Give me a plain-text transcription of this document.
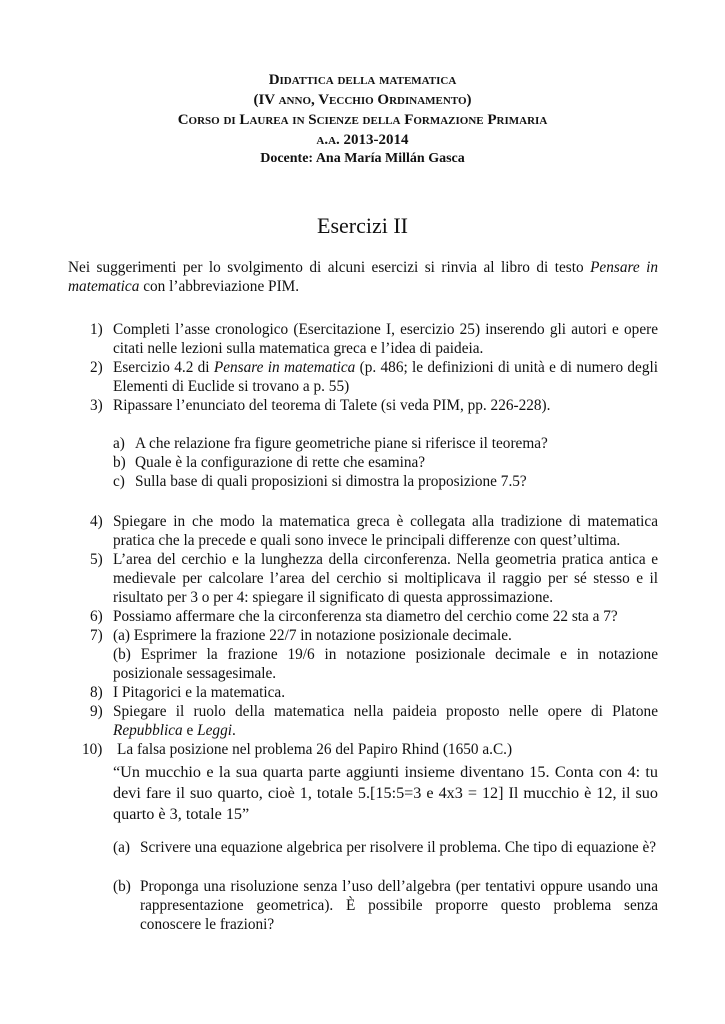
Didattica della matematica
(IV anno, Vecchio Ordinamento)
Corso di Laurea in Scienze della Formazione Primaria
a.a. 2013-2014
Docente: Ana María Millán Gasca
Esercizi II
Nei suggerimenti per lo svolgimento di alcuni esercizi si rinvia al libro di testo Pensare in matematica con l’abbreviazione PIM.
1) Completi l’asse cronologico (Esercitazione I, esercizio 25) inserendo gli autori e opere citati nelle lezioni sulla matematica greca e l’idea di paideia.
2) Esercizio 4.2 di Pensare in matematica (p. 486; le definizioni di unità e di numero degli Elementi di Euclide si trovano a p. 55)
3) Ripassare l’enunciato del teorema di Talete (si veda PIM, pp. 226-228).
a) A che relazione fra figure geometriche piane si riferisce il teorema?
b) Quale è la configurazione di rette che esamina?
c) Sulla base di quali proposizioni si dimostra la proposizione 7.5?
4) Spiegare in che modo la matematica greca è collegata alla tradizione di matematica pratica che la precede e quali sono invece le principali differenze con quest’ultima.
5) L’area del cerchio e la lunghezza della circonferenza. Nella geometria pratica antica e medievale per calcolare l’area del cerchio si moltiplicava il raggio per sé stesso e il risultato per 3 o per 4: spiegare il significato di questa approssimazione.
6) Possiamo affermare che la circonferenza sta diametro del cerchio come 22 sta a 7?
7) (a) Esprimere la frazione 22/7 in notazione posizionale decimale.
(b) Esprimer la frazione 19/6 in notazione posizionale decimale e in notazione posizionale sessagesimale.
8) I Pitagorici e la matematica.
9) Spiegare il ruolo della matematica nella paideia proposto nelle opere di Platone Repubblica e Leggi.
10) La falsa posizione nel problema 26 del Papiro Rhind (1650 a.C.)
“Un mucchio e la sua quarta parte aggiunti insieme diventano 15. Conta con 4: tu devi fare il suo quarto, cioè 1, totale 5.[15:5=3 e 4x3 = 12] Il mucchio è 12, il suo quarto è 3, totale 15”
(a) Scrivere una equazione algebrica per risolvere il problema. Che tipo di equazione è?
(b) Proponga una risoluzione senza l’uso dell’algebra (per tentativi oppure usando una rappresentazione geometrica). È possibile proporre questo problema senza conoscere le frazioni?
